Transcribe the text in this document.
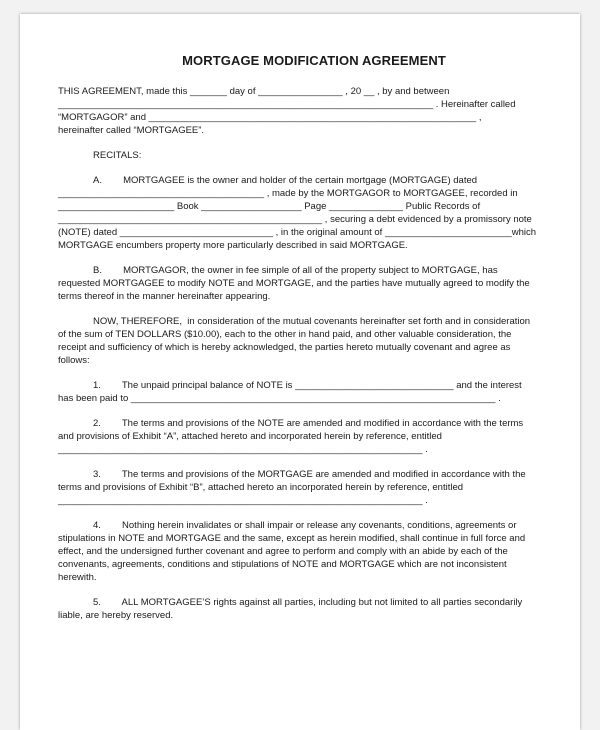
MORTGAGE MODIFICATION AGREEMENT
THIS AGREEMENT, made this _______ day of ________________ , 20 __ , by and between
_______________________________________________________________________ . Hereinafter called
“MORTGAGOR” and ______________________________________________________________ ,
hereinafter called “MORTGAGEE”.
RECITALS:
A.        MORTGAGEE is the owner and holder of the certain mortgage (MORTGAGE) dated
_______________________________________ , made by the MORTGAGOR to MORTGAGEE, recorded in
______________________ Book ___________________ Page ______________ Public Records of
__________________________________________________ , securing a debt evidenced by a promissory note
(NOTE) dated _____________________________ , in the original amount of ________________________which
MORTGAGE encumbers property more particularly described in said MORTGAGE.
B.        MORTGAGOR, the owner in fee simple of all of the property subject to MORTGAGE, has
requested MORTGAGEE to modify NOTE and MORTGAGE, and the parties have mutually agreed to modify the
terms thereof in the manner hereinafter appearing.
NOW, THEREFORE,  in consideration of the mutual covenants hereinafter set forth and in consideration
of the sum of TEN DOLLARS ($10.00), each to the other in hand paid, and other valuable consideration, the
receipt and sufficiency of which is hereby acknowledged, the parties hereto mutually covenant and agree as
follows:
1.        The unpaid principal balance of NOTE is ______________________________ and the interest
has been paid to _____________________________________________________________________ .
2.        The terms and provisions of the NOTE are amended and modified in accordance with the terms
and provisions of Exhibit “A”, attached hereto and incorporated herein by reference, entitled
_____________________________________________________________________ .
3.        The terms and provisions of the MORTGAGE are amended and modified in accordance with the
terms and provisions of Exhibit “B”, attached hereto an incorporated herein by reference, entitled
_____________________________________________________________________ .
4.        Nothing herein invalidates or shall impair or release any covenants, conditions, agreements or
stipulations in NOTE and MORTGAGE and the same, except as herein modified, shall continue in full force and
effect, and the undersigned further covenant and agree to perform and comply with an abide by each of the
convenants, agreements, conditions and stipulations of NOTE and MORTGAGE which are not inconsistent
herewith.
5.        ALL MORTGAGEE’S rights against all parties, including but not limited to all parties secondarily
liable, are hereby reserved.
